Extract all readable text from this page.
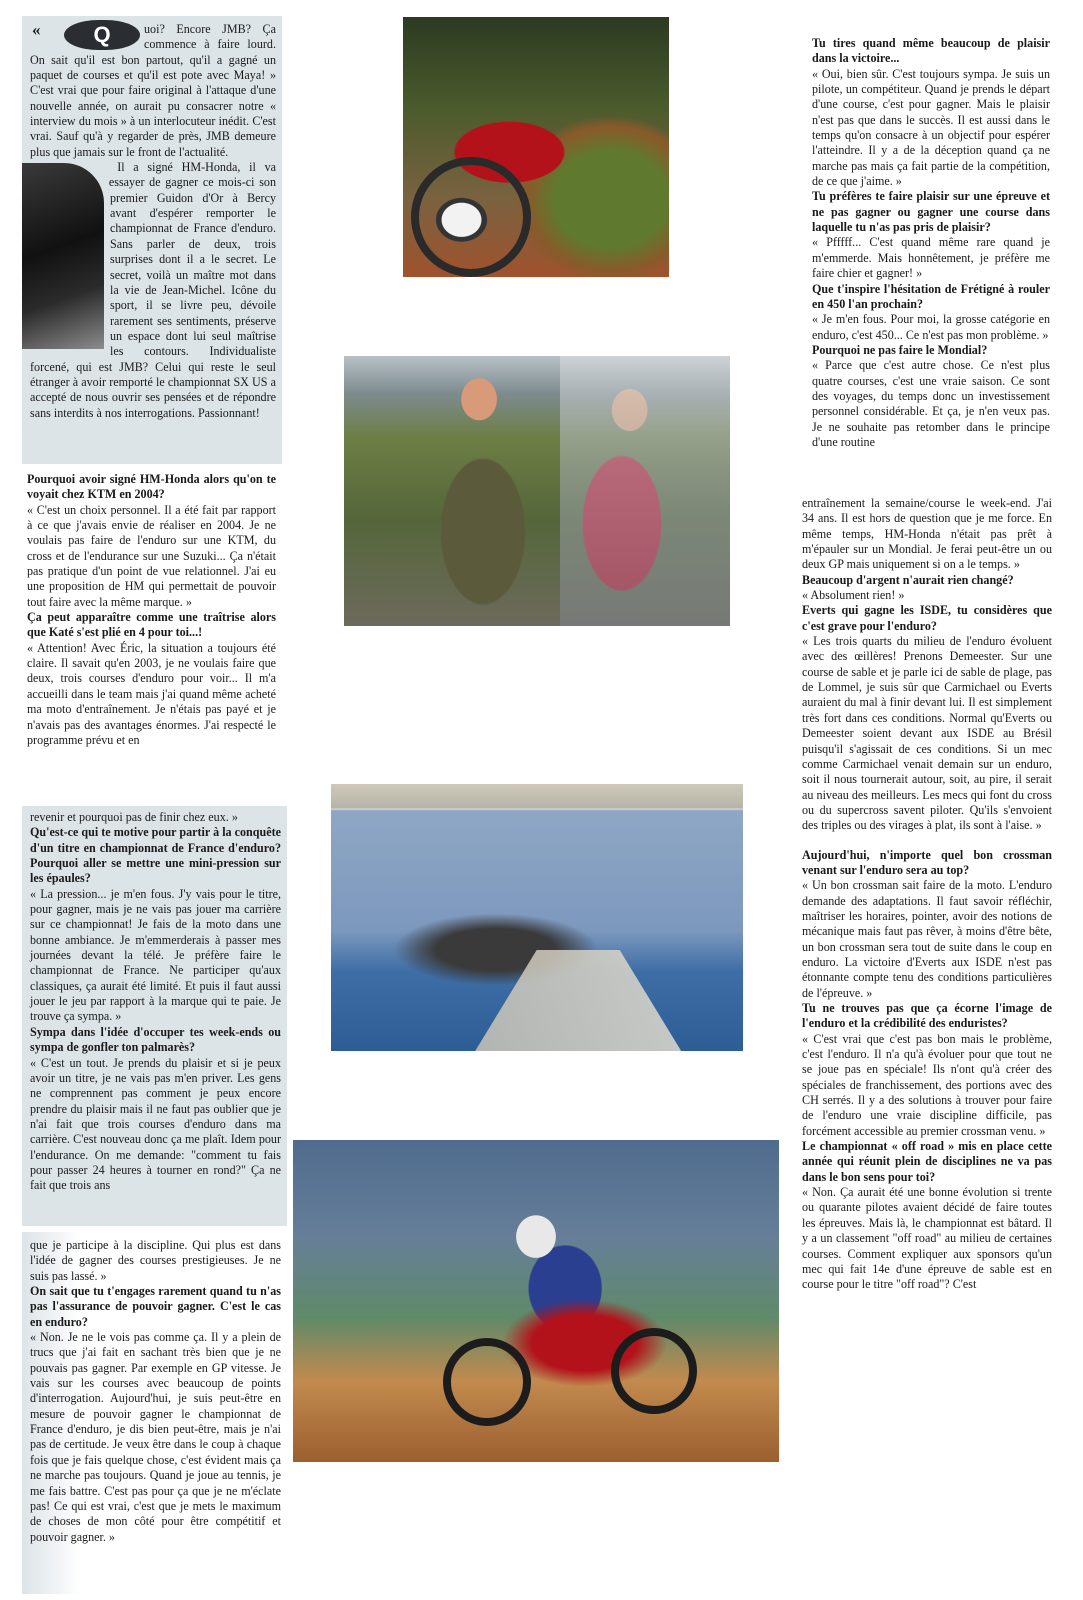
« Q	uoi? Encore JMB? Ça commence à faire lourd. On sait qu'il est bon partout, qu'il a gagné un paquet de courses et qu'il est pote avec Maya! » C'est vrai que pour faire original à l'attaque d'une nouvelle année, on aurait pu consacrer notre « interview du mois » à un interlocuteur inédit. C'est vrai. Sauf qu'à y regarder de près, JMB demeure plus que jamais sur le front de l'actualité.

Il a signé HM-Honda, il va essayer de gagner ce mois-ci son premier Guidon d'Or à Bercy avant d'espérer remporter le championnat de France d'enduro. Sans parler de deux, trois surprises dont il a le secret. Le secret, voilà un maître mot dans la vie de Jean-Michel. Icône du sport, il se livre peu, dévoile rarement ses sentiments, préserve un espace dont lui seul maîtrise les contours. Individualiste forcené, qui est JMB? Celui qui reste le seul étranger à avoir remporté le championnat SX US a accepté de nous ouvrir ses pensées et de répondre sans interdits à nos interrogations. Passionnant!

Pourquoi avoir signé HM-Honda alors qu'on te voyait chez KTM en 2004?

« C'est un choix personnel. Il a été fait par rapport à ce que j'avais envie de réaliser en 2004. Je ne voulais pas faire de l'enduro sur une KTM, du cross et de l'endurance sur une Suzuki... Ça n'était pas pratique d'un point de vue relationnel. J'ai eu une proposition de HM qui permettait de pouvoir tout faire avec la même marque. »

Ça peut apparaître comme une traîtrise alors que Katé s'est plié en 4 pour toi...!

« Attention! Avec Éric, la situation a toujours été claire. Il savait qu'en 2003, je ne voulais faire que deux, trois courses d'enduro pour voir... Il m'a accueilli dans le team mais j'ai quand même acheté ma moto d'entraînement. Je n'étais pas payé et je n'avais pas des avantages énormes. J'ai respecté le programme prévu et en

revenir et pourquoi pas de finir chez eux. »

Qu'est-ce qui te motive pour partir à la conquête d'un titre en championnat de France d'enduro? Pourquoi aller se mettre une mini-pression sur les épaules?

« La pression... je m'en fous. J'y vais pour le titre, pour gagner, mais je ne vais pas jouer ma carrière sur ce championnat! Je fais de la moto dans une bonne ambiance. Je m'emmerderais à passer mes journées devant la télé. Je préfère faire le championnat de France. Ne participer qu'aux classiques, ça aurait été limité. Et puis il faut aussi jouer le jeu par rapport à la marque qui te paie. Je trouve ça sympa. »

Sympa dans l'idée d'occuper tes week-ends ou sympa de gonfler ton palmarès?

« C'est un tout. Je prends du plaisir et si je peux avoir un titre, je ne vais pas m'en priver. Les gens ne comprennent pas comment je peux encore prendre du plaisir mais il ne faut pas oublier que je n'ai fait que trois courses d'enduro dans ma carrière. C'est nouveau donc ça me plaît. Idem pour l'endurance. On me demande: "comment tu fais pour passer 24 heures à tourner en rond?" Ça ne fait que trois ans

que je participe à la discipline. Qui plus est dans l'idée de gagner des courses prestigieuses. Je ne suis pas lassé. »

On sait que tu t'engages rarement quand tu n'as pas l'assurance de pouvoir gagner. C'est le cas en enduro?

« Non. Je ne le vois pas comme ça. Il y a plein de trucs que j'ai fait en sachant très bien que je ne pouvais pas gagner. Par exemple en GP vitesse. Je vais sur les courses avec beaucoup de points d'interrogation. Aujourd'hui, je suis peut-être en mesure de pouvoir gagner le championnat de France d'enduro, je dis bien peut-être, mais je n'ai pas de certitude. Je veux être dans le coup à chaque fois que je fais quelque chose, c'est évident mais ça ne marche pas toujours. Quand je joue au tennis, je me fais battre. C'est pas pour ça que je ne m'éclate pas! Ce qui est vrai, c'est que je mets le maximum de choses de mon côté pour être compétitif et pouvoir gagner. »

Tu tires quand même beaucoup de plaisir dans la victoire...

« Oui, bien sûr. C'est toujours sympa. Je suis un pilote, un compétiteur. Quand je prends le départ d'une course, c'est pour gagner. Mais le plaisir n'est pas que dans le succès. Il est aussi dans le temps qu'on consacre à un objectif pour espérer l'atteindre. Il y a de la déception quand ça ne marche pas mais ça fait partie de la compétition, de ce que j'aime. »

Tu préfères te faire plaisir sur une épreuve et ne pas gagner ou gagner une course dans laquelle tu n'as pas pris de plaisir?

« Pfffff... C'est quand même rare quand je m'emmerde. Mais honnêtement, je préfère me faire chier et gagner! »

Que t'inspire l'hésitation de Frétigné à rouler en 450 l'an prochain?

« Je m'en fous. Pour moi, la grosse catégorie en enduro, c'est 450... Ce n'est pas mon problème. »

Pourquoi ne pas faire le Mondial?

« Parce que c'est autre chose. Ce n'est plus quatre courses, c'est une vraie saison. Ce sont des voyages, du temps donc un investissement personnel considérable. Et ça, je n'en veux pas. Je ne souhaite pas retomber dans le principe d'une routine

entraînement la semaine/course le week-end. J'ai 34 ans. Il est hors de question que je me force. En même temps, HM-Honda n'était pas prêt à m'épauler sur un Mondial. Je ferai peut-être un ou deux GP mais uniquement si on a le temps. »

Beaucoup d'argent n'aurait rien changé?

« Absolument rien! »

Everts qui gagne les ISDE, tu considères que c'est grave pour l'enduro?

« Les trois quarts du milieu de l'enduro évoluent avec des œillères! Prenons Demeester. Sur une course de sable et je parle ici de sable de plage, pas de Lommel, je suis sûr que Carmichael ou Everts auraient du mal à finir devant lui. Il est simplement très fort dans ces conditions. Normal qu'Everts ou Demeester soient devant aux ISDE au Brésil puisqu'il s'agissait de ces conditions. Si un mec comme Carmichael venait demain sur un enduro, soit il nous tournerait autour, soit, au pire, il serait au niveau des meilleurs. Les mecs qui font du cross ou du supercross savent piloter. Qu'ils s'envoient des triples ou des virages à plat, ils sont à l'aise. »

Aujourd'hui, n'importe quel bon crossman venant sur l'enduro sera au top?

« Un bon crossman sait faire de la moto. L'enduro demande des adaptations. Il faut savoir réfléchir, maîtriser les horaires, pointer, avoir des notions de mécanique mais faut pas rêver, à moins d'être bête, un bon crossman sera tout de suite dans le coup en enduro. La victoire d'Everts aux ISDE n'est pas étonnante compte tenu des conditions particulières de l'épreuve. »

Tu ne trouves pas que ça écorne l'image de l'enduro et la crédibilité des enduristes?

« C'est vrai que c'est pas bon mais le problème, c'est l'enduro. Il n'a qu'à évoluer pour que tout ne se joue pas en spéciale! Ils n'ont qu'à créer des spéciales de franchissement, des portions avec des CH serrés. Il y a des solutions à trouver pour faire de l'enduro une vraie discipline difficile, pas forcément accessible au premier crossman venu. »

Le championnat « off road » mis en place cette année qui réunit plein de disciplines ne va pas dans le bon sens pour toi?

« Non. Ça aurait été une bonne évolution si trente ou quarante pilotes avaient décidé de faire toutes les épreuves. Mais là, le championnat est bâtard. Il y a un classement "off road" au milieu de certaines courses. Comment expliquer aux sponsors qu'un mec qui fait 14e d'une épreuve de sable est en course pour le titre "off road"? C'est
